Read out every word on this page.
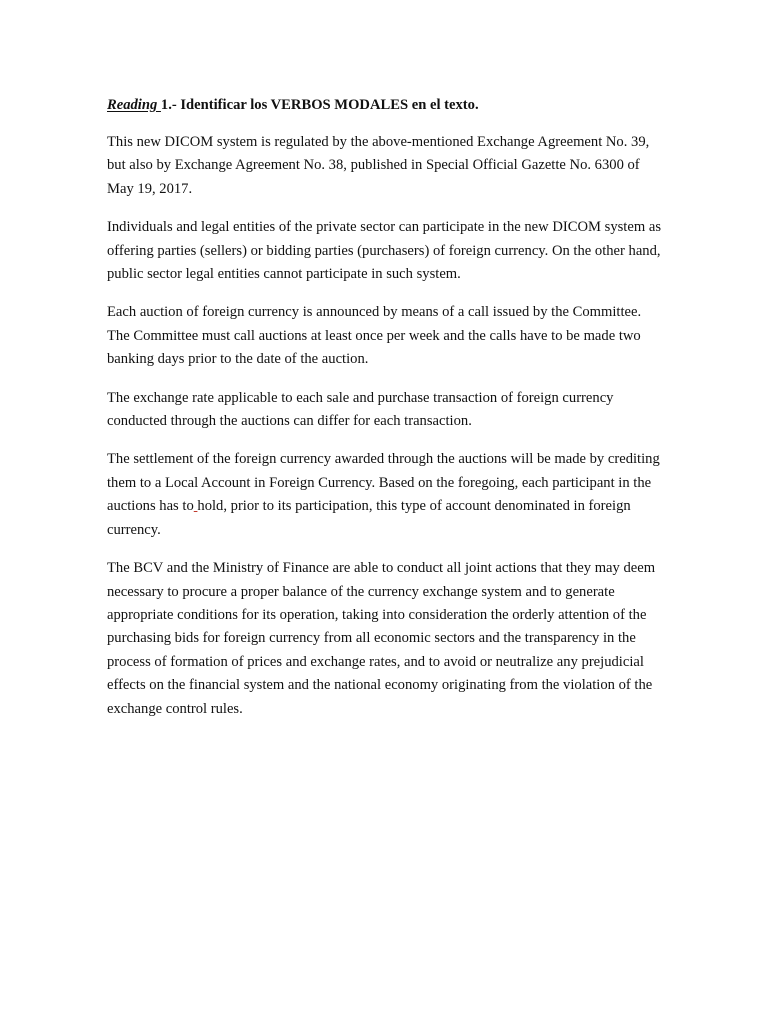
Reading 1.- Identificar los VERBOS MODALES en el texto.

This new DICOM system is regulated by the above-mentioned Exchange Agreement No. 39, but also by Exchange Agreement No. 38, published in Special Official Gazette No. 6300 of May 19, 2017.

Individuals and legal entities of the private sector can participate in the new DICOM system as offering parties (sellers) or bidding parties (purchasers) of foreign currency. On the other hand, public sector legal entities cannot participate in such system.

Each auction of foreign currency is announced by means of a call issued by the Committee. The Committee must call auctions at least once per week and the calls have to be made two banking days prior to the date of the auction.

The exchange rate applicable to each sale and purchase transaction of foreign currency conducted through the auctions can differ for each transaction.

The settlement of the foreign currency awarded through the auctions will be made by crediting them to a Local Account in Foreign Currency. Based on the foregoing, each participant in the auctions has to hold, prior to its participation, this type of account denominated in foreign currency.

The BCV and the Ministry of Finance are able to conduct all joint actions that they may deem necessary to procure a proper balance of the currency exchange system and to generate appropriate conditions for its operation, taking into consideration the orderly attention of the purchasing bids for foreign currency from all economic sectors and the transparency in the process of formation of prices and exchange rates, and to avoid or neutralize any prejudicial effects on the financial system and the national economy originating from the violation of the exchange control rules.
